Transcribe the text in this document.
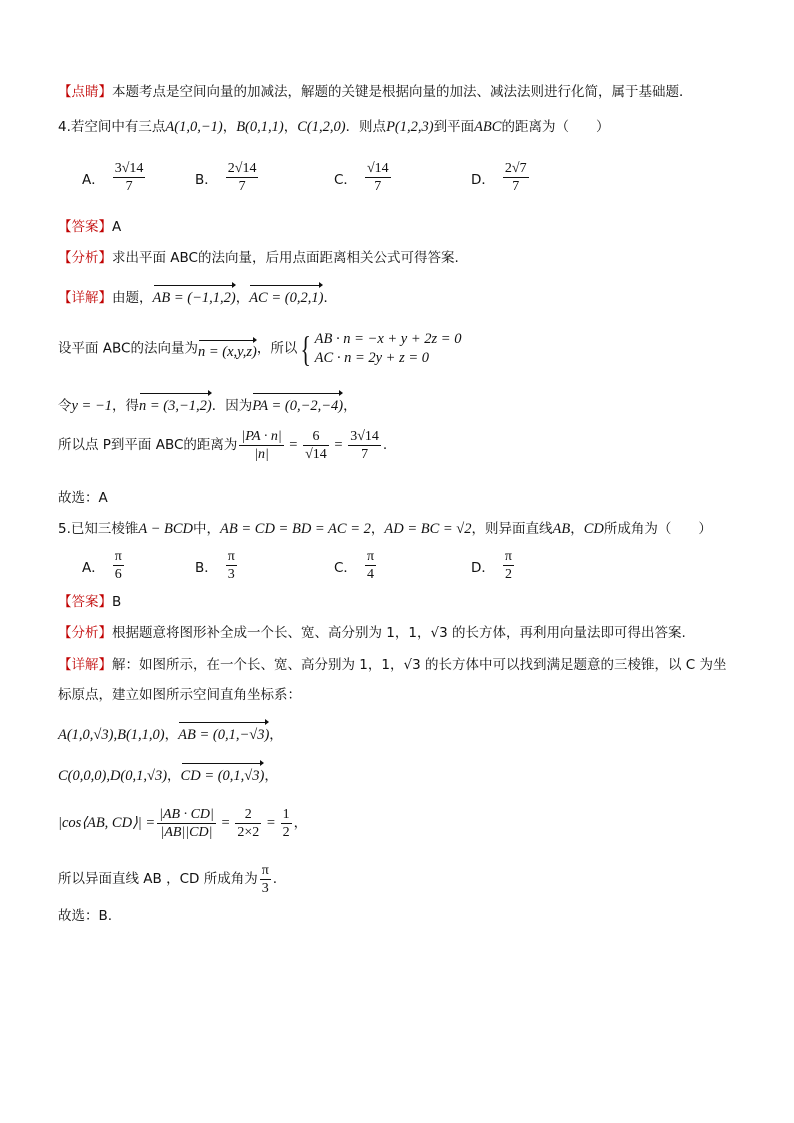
【点睛】本题考点是空间向量的加减法，解题的关键是根据向量的加法、减法法则进行化简，属于基础题．
4.若空间中有三点A(1,0,−1)，B(0,1,1)，C(1,2,0)．则点P(1,2,3)到平面ABC的距离为（　　）
A． $\frac{3√14}{7}$	B． $\frac{2√14}{7}$	C． $\frac{√14}{7}$	D． $\frac{2√7}{7}$
【答案】A
【分析】求出平面 ABC的法向量，后用点面距离相关公式可得答案.
【详解】由题，AB = (−1,1,2)，AC = (0,2,1)．
设平面 ABC的法向量为n = (x,y,z)，所以{ AB · n = −x + y + 2z = 0
AC · n = 2y + z = 0
令y = −1，得n = (3,−1,2)．因为PA = (0,−2,−4)，
所以点 P到平面 ABC的距离为 $\frac{|PA \cdot n|}{|n|} = \frac{6}{√14} = \frac{3√14}{7}$ .
故选：A
5.已知三棱锥A − BCD中，AB = CD = BD = AC = 2，AD = BC = √2，则异面直线AB，CD所成角为（　　）
A． $\frac{\pi}{6}$	B． $\frac{\pi}{3}$	C． $\frac{\pi}{4}$	D． $\frac{\pi}{2}$
【答案】B
【分析】根据题意将图形补全成一个长、宽、高分别为 1，1，√3 的长方体，再利用向量法即可得出答案.
【详解】解：如图所示，在一个长、宽、高分别为 1，1，√3 的长方体中可以找到满足题意的三棱锥，以 C 为坐
标原点，建立如图所示空间直角坐标系：
A(1,0,√3),B(1,1,0)，AB = (0,1,−√3)，
C(0,0,0),D(0,1,√3)，CD = (0,1,√3)，
|cos⟨AB, CD⟩| = $\frac{|AB \cdot CD|}{|AB||CD|} = \frac{2}{2\times 2} = \frac{1}{2}$ ，
所以异面直线 AB ，CD 所成角为 $\frac{\pi}{3}$ .
故选：B.
